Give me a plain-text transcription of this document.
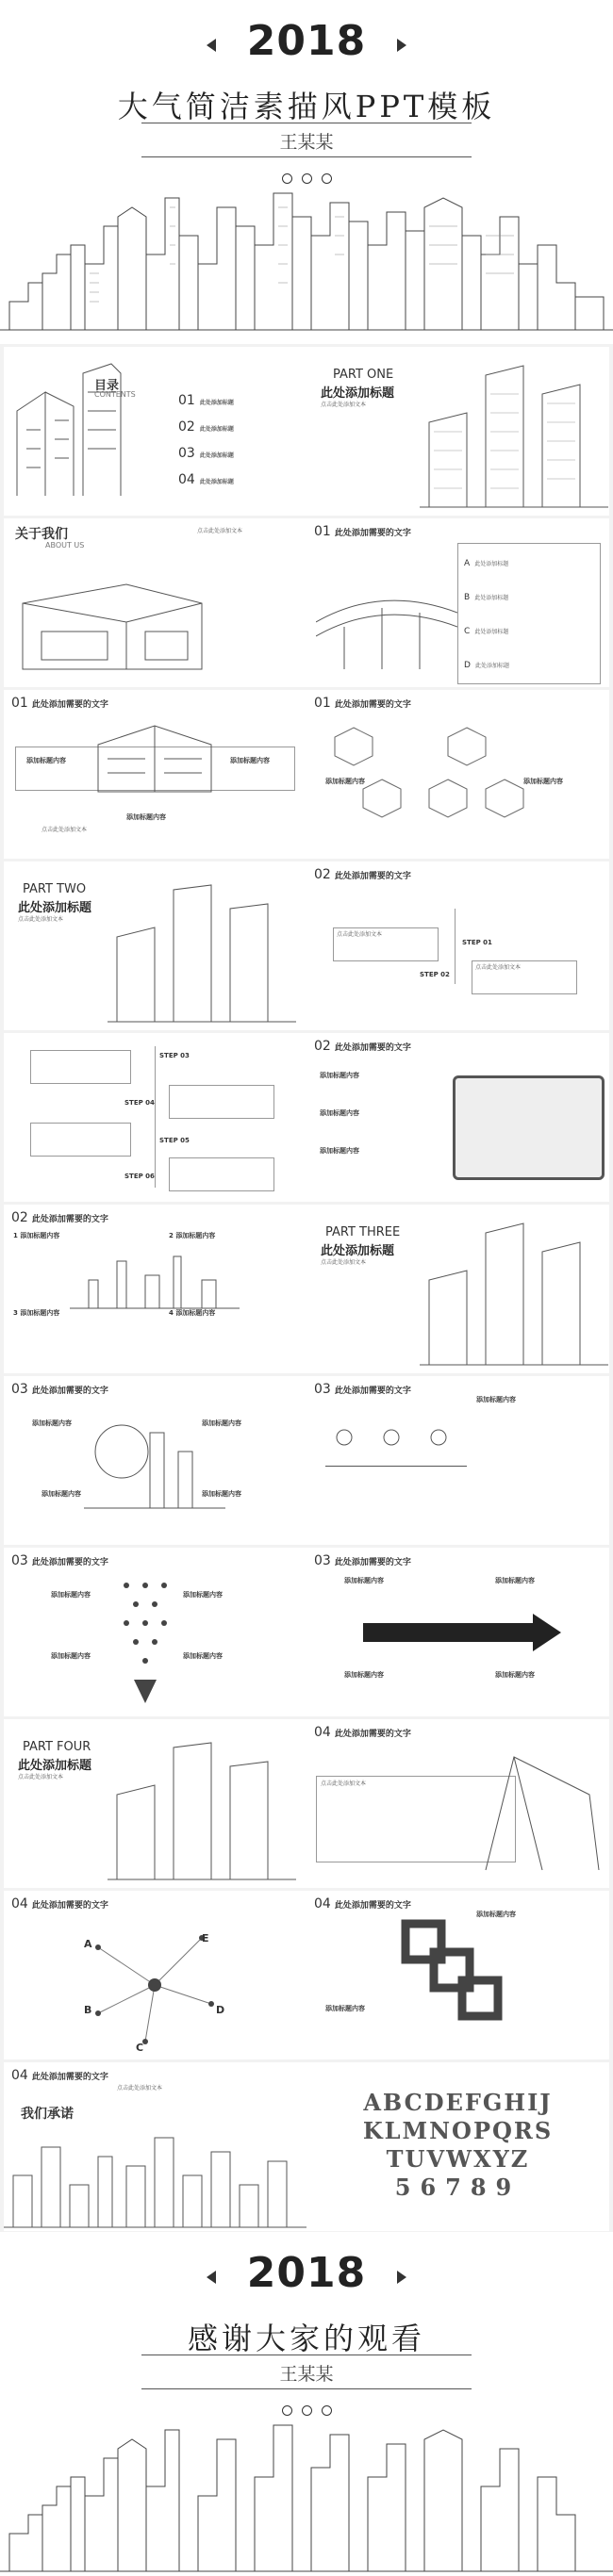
2018
大气简洁素描风PPT模板
王某某
目录
CONTENTS	01 此处添加标题
02 此处添加标题
03 此处添加标题
04 此处添加标题
PART ONE
此处添加标题
点击此处添加文本
关于我们
ABOUT US
点击此处添加文本	01 此处添加需要的文字
A 此处添加标题
B 此处添加标题
C 此处添加标题
D 此处添加标题
01 此处添加需要的文字
添加标题内容	添加标题内容
添加标题内容
点击此处添加文本
01 此处添加需要的文字
添加标题内容	添加标题内容
PART TWO
此处添加标题
点击此处添加文本
02 此处添加需要的文字
点击此处添加文本
STEP 01
STEP 02
点击此处添加文本
STEP 03
STEP 04
STEP 05
STEP 06
02 此处添加需要的文字
添加标题内容
添加标题内容
添加标题内容
02 此处添加需要的文字
1 添加标题内容	2 添加标题内容
3 添加标题内容	4 添加标题内容
PART THREE
此处添加标题
点击此处添加文本
03 此处添加需要的文字
添加标题内容	添加标题内容
添加标题内容	添加标题内容
03 此处添加需要的文字
添加标题内容
03 此处添加需要的文字
添加标题内容	添加标题内容
添加标题内容	添加标题内容
03 此处添加需要的文字
添加标题内容	添加标题内容
添加标题内容	添加标题内容
PART FOUR
此处添加标题
点击此处添加文本
04 此处添加需要的文字
点击此处添加文本
04 此处添加需要的文字
A
B
C
D
E
04 此处添加需要的文字
添加标题内容
添加标题内容
04 此处添加需要的文字
我们承诺
点击此处添加文本
ABCDEFGHIJ
KLMNOPQRS
TUVWXYZ
56789
2018
感谢大家的观看
王某某
